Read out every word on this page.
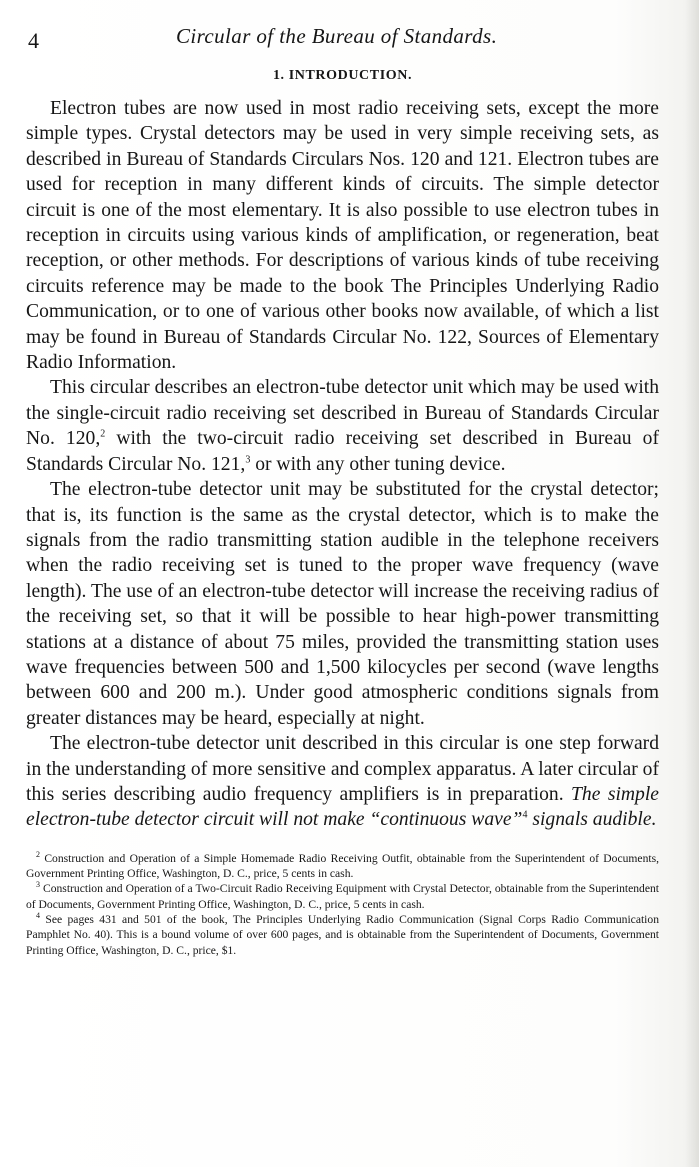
4	Circular of the Bureau of Standards.
1. INTRODUCTION.

Electron tubes are now used in most radio receiving sets, except the more simple types. Crystal detectors may be used in very simple receiving sets, as described in Bureau of Standards Circulars Nos. 120 and 121. Electron tubes are used for reception in many different kinds of circuits. The simple detector circuit is one of the most elementary. It is also possible to use electron tubes in reception in circuits using various kinds of amplification, or regeneration, beat reception, or other methods. For descriptions of various kinds of tube receiving circuits reference may be made to the book The Principles Underlying Radio Communication, or to one of various other books now available, of which a list may be found in Bureau of Standards Circular No. 122, Sources of Elementary Radio Information.

This circular describes an electron-tube detector unit which may be used with the single-circuit radio receiving set described in Bureau of Standards Circular No. 120,$^2$ with the two-circuit radio receiving set described in Bureau of Standards Circular No. 121,$^3$ or with any other tuning device.

The electron-tube detector unit may be substituted for the crystal detector; that is, its function is the same as the crystal detector, which is to make the signals from the radio transmitting station audible in the telephone receivers when the radio receiving set is tuned to the proper wave frequency (wave length). The use of an electron-tube detector will increase the receiving radius of the receiving set, so that it will be possible to hear high-power transmitting stations at a distance of about 75 miles, provided the transmitting station uses wave frequencies between 500 and 1,500 kilocycles per second (wave lengths between 600 and 200 m.). Under good atmospheric conditions signals from greater distances may be heard, especially at night.

The electron-tube detector unit described in this circular is one step forward in the understanding of more sensitive and complex apparatus. A later circular of this series describing audio frequency amplifiers is in preparation. The simple electron-tube detector circuit will not make “continuous wave”$^4$ signals audible.

$^2$ Construction and Operation of a Simple Homemade Radio Receiving Outfit, obtainable from the Superintendent of Documents, Government Printing Office, Washington, D. C., price, 5 cents in cash.

$^3$ Construction and Operation of a Two-Circuit Radio Receiving Equipment with Crystal Detector, obtainable from the Superintendent of Documents, Government Printing Office, Washington, D. C., price, 5 cents in cash.

$^4$ See pages 431 and 501 of the book, The Principles Underlying Radio Communication (Signal Corps Radio Communication Pamphlet No. 40). This is a bound volume of over 600 pages, and is obtainable from the Superintendent of Documents, Government Printing Office, Washington, D. C., price, $1.
